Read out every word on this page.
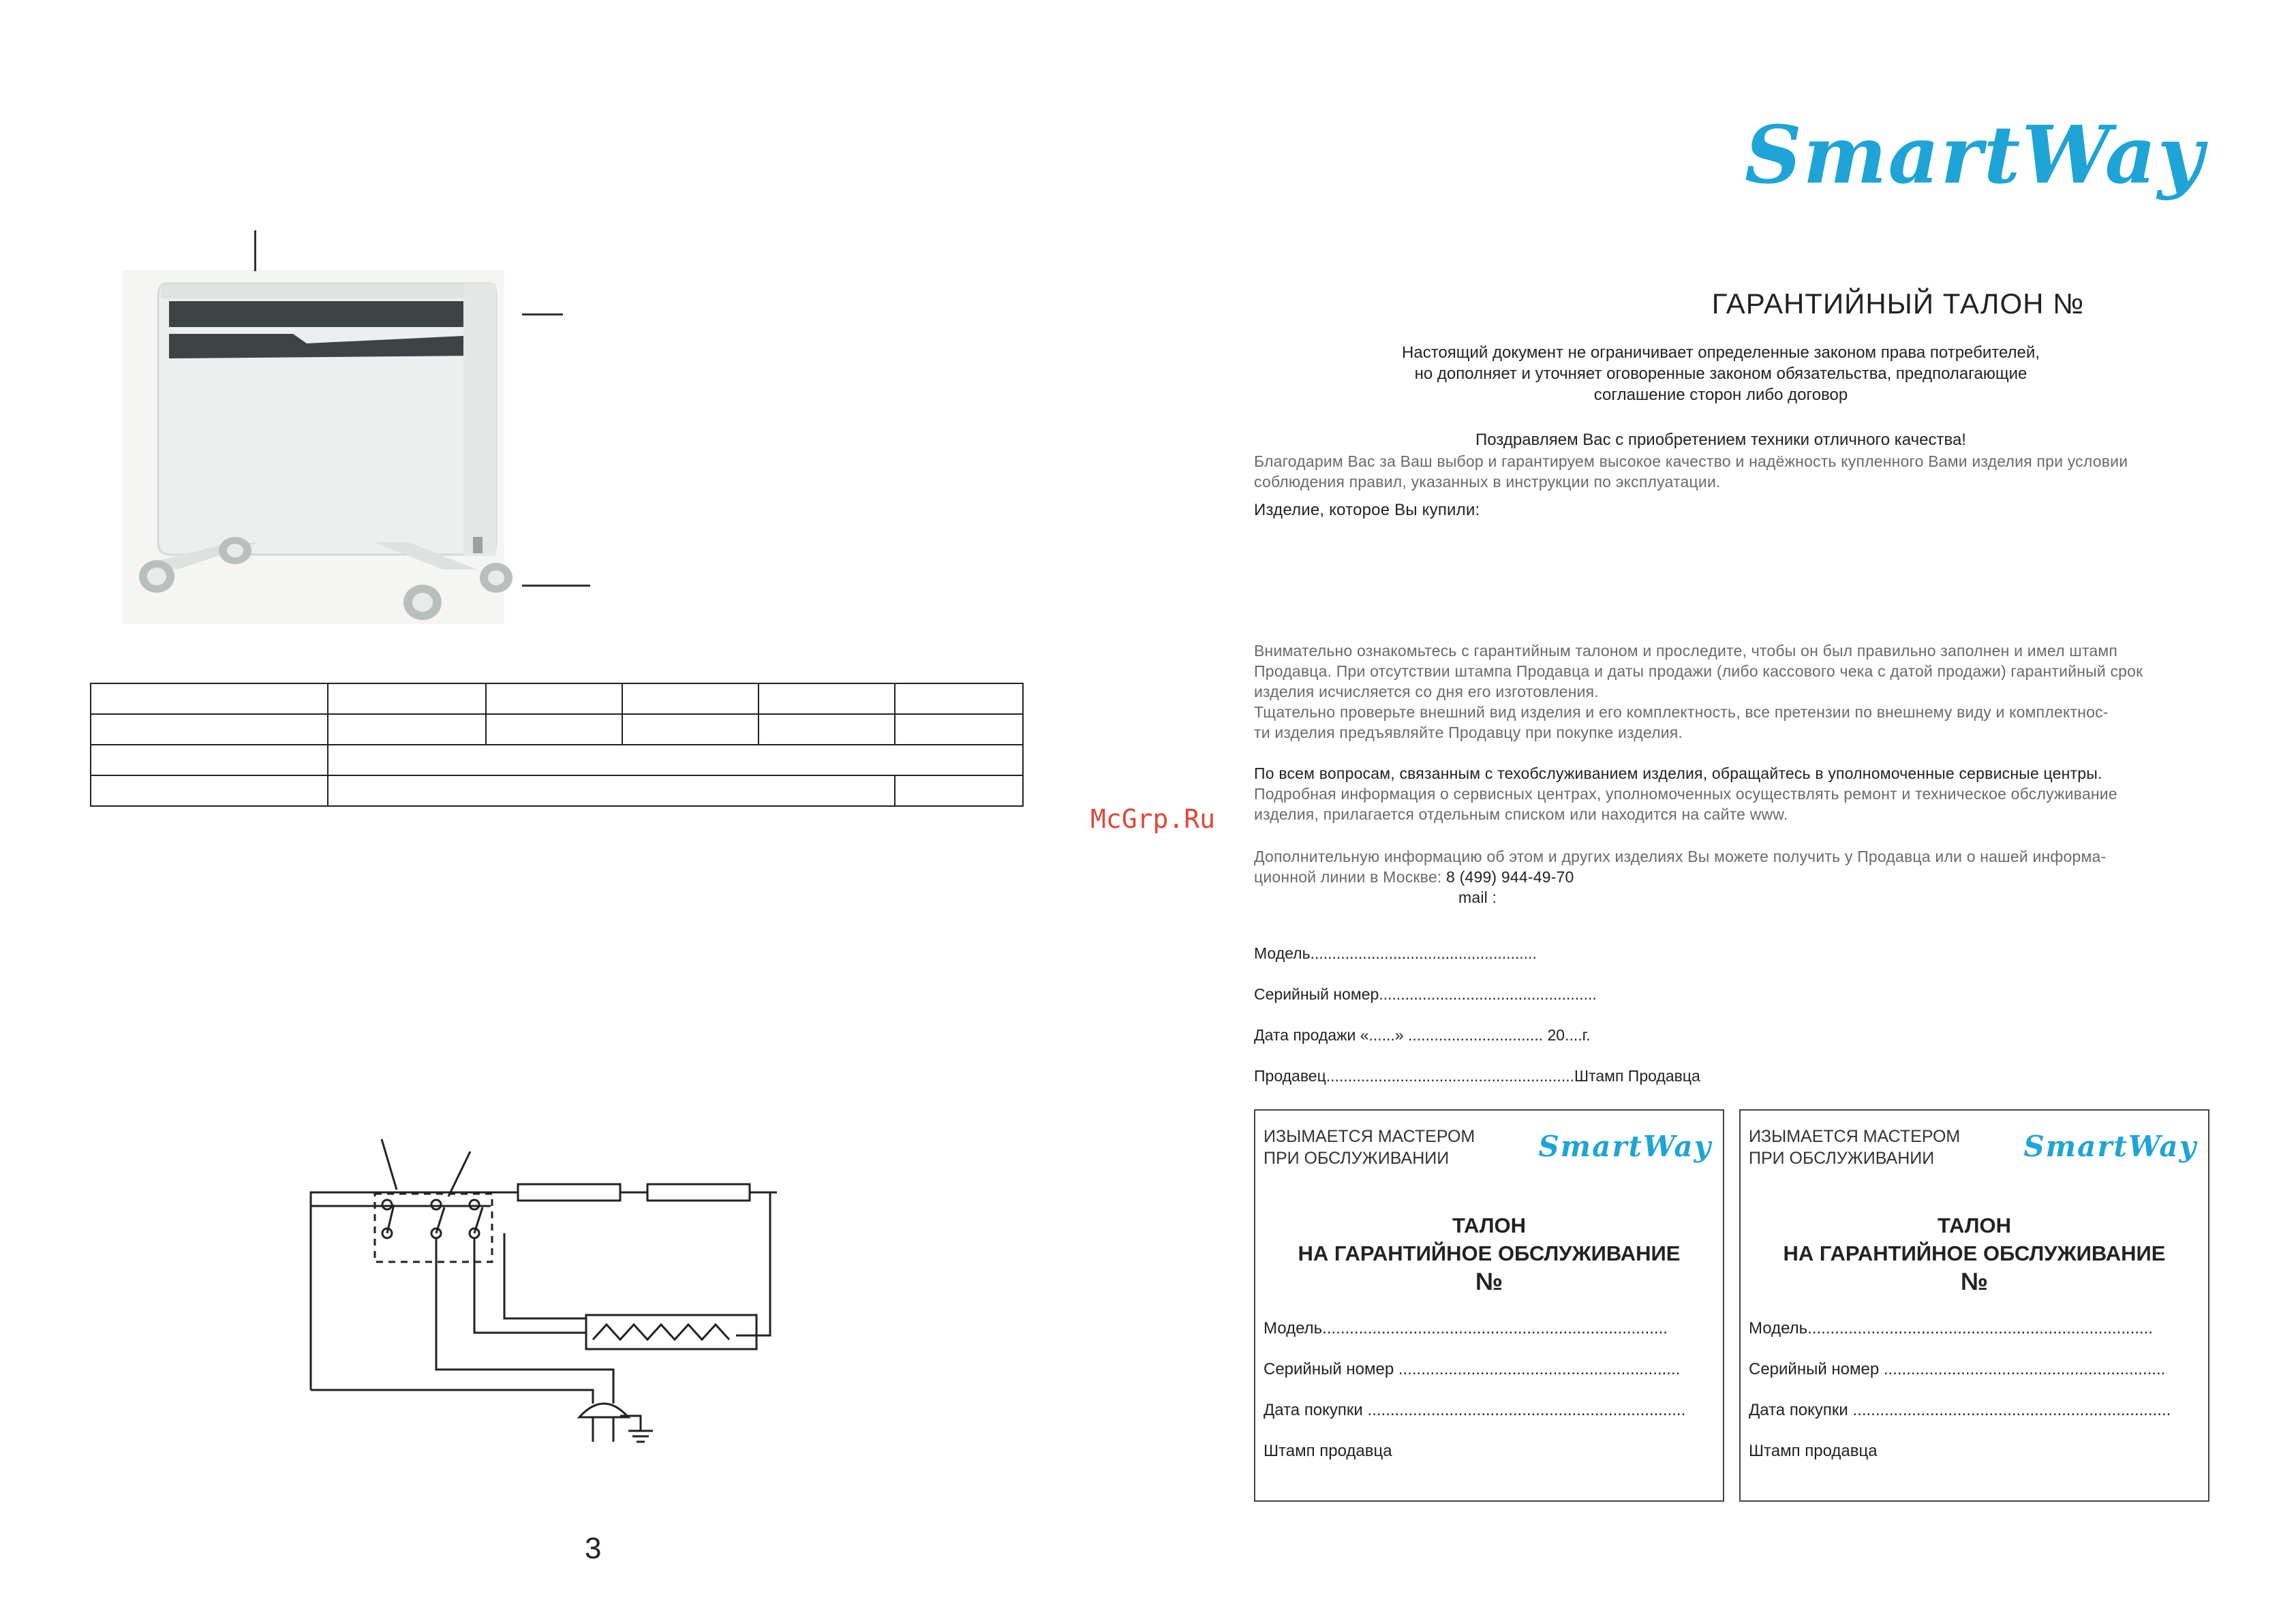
3
SmartWay
ГАРАНТИЙНЫЙ ТАЛОН №
Настоящий документ не ограничивает определенные законом права потребителей,
но дополняет и уточняет оговоренные законом обязательства, предполагающие
соглашение сторон либо договор
Поздравляем Вас с приобретением техники отличного качества!
Благодарим Вас за Ваш выбор и гарантируем высокое качество и надёжность купленного Вами изделия при условии
соблюдения правил, указанных в инструкции по эксплуатации.
Изделие, которое Вы купили:
Внимательно ознакомьтесь с гарантийным талоном и проследите, чтобы он был правильно заполнен и имел штамп
Продавца. При отсутствии штампа Продавца и даты продажи (либо кассового чека с датой продажи) гарантийный срок
изделия исчисляется со дня его изготовления.
Тщательно проверьте внешний вид изделия и его комплектность, все претензии по внешнему виду и комплектнос-
ти изделия предъявляйте Продавцу при покупке изделия.
По всем вопросам, связанным с техобслуживанием изделия, обращайтесь в уполномоченные сервисные центры.
Подробная информация о сервисных центрах, уполномоченных осуществлять ремонт и техническое обслуживание
изделия, прилагается отдельным списком или находится на сайте www.
Дополнительную информацию об этом и других изделиях Вы можете получить у Продавца или о нашей информа-
ционной линии в Москве: 8 (499) 944-49-70
mail :
McGrp.Ru
Модель....................................................
Серийный номер..................................................
Дата продажи «......» ............................... 20....г.
Продавец.........................................................Штамп Продавца
ИЗЫМАЕТСЯ МАСТЕРОМ
ПРИ ОБСЛУЖИВАНИИ	SmartWay
ТАЛОН
НА ГАРАНТИЙНОЕ ОБСЛУЖИВАНИЕ
№
Модель............................................................................
Серийный номер ..............................................................
Дата покупки ......................................................................
Штамп продавца
ИЗЫМАЕТСЯ МАСТЕРОМ
ПРИ ОБСЛУЖИВАНИИ	SmartWay
ТАЛОН
НА ГАРАНТИЙНОЕ ОБСЛУЖИВАНИЕ
№
Модель............................................................................
Серийный номер ..............................................................
Дата покупки ......................................................................
Штамп продавца
